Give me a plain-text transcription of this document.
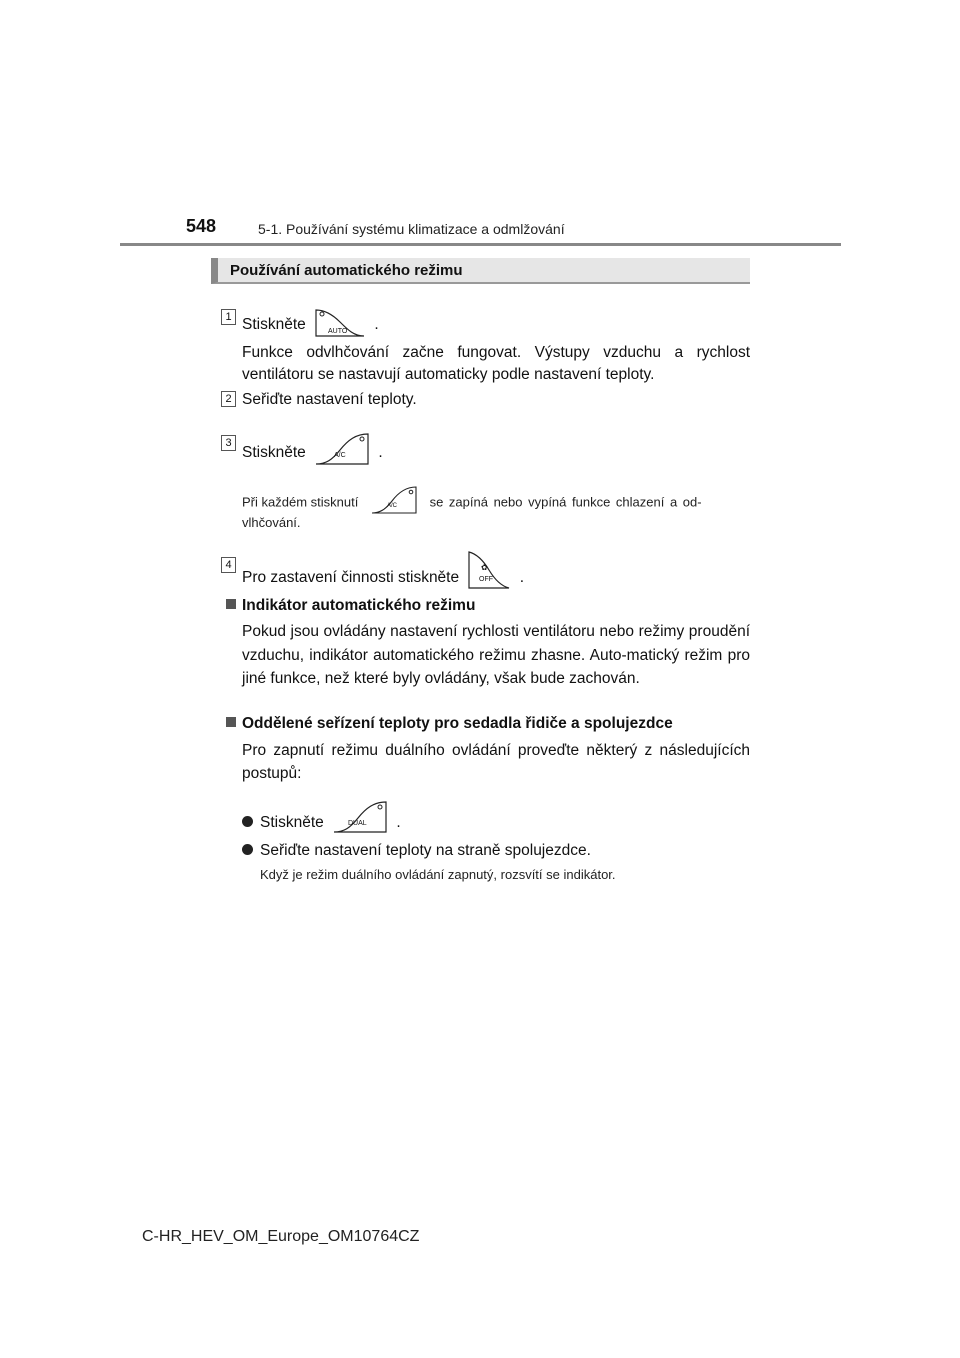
548	5-1. Používání systému klimatizace a odmlžování
Používání automatického režimu
1 Stiskněte	AUTO .
Funkce odvlhčování začne fungovat. Výstupy vzduchu a rychlost ventilátoru se nastavují automaticky podle nastavení teploty.
2 Seřiďte nastavení teploty.
3
Stiskněte	A/C .
Při každém stisknutí	A/C	se zapíná nebo vypíná funkce chlazení a od-
vlhčování.
4
Pro zastavení činnosti stiskněte
✿
OFF .
Indikátor automatického režimu
Pokud jsou ovládány nastavení rychlosti ventilátoru nebo režimy proudění vzduchu, indikátor automatického režimu zhasne. Auto-matický režim pro jiné funkce, než které byly ovládány, však bude zachován.
Oddělené seřízení teploty pro sedadla řidiče a spolujezdce
Pro zapnutí režimu duálního ovládání proveďte některý z následujících postupů:
Stiskněte	DUAL .
Seřiďte nastavení teploty na straně spolujezdce.
Když je režim duálního ovládání zapnutý, rozsvítí se indikátor.
C-HR_HEV_OM_Europe_OM10764CZ
